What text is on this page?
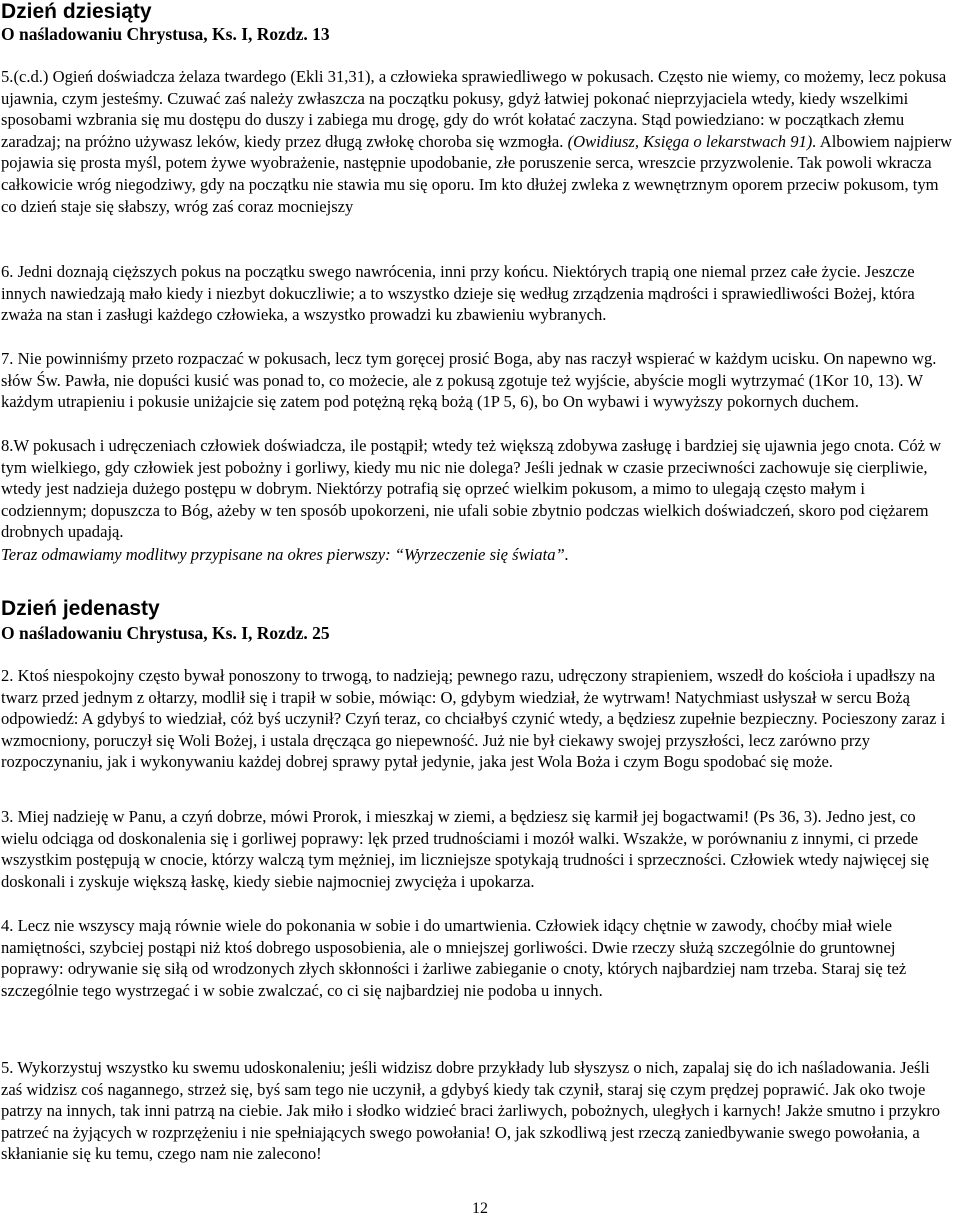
Dzień dziesiąty
O naśladowaniu Chrystusa, Ks. I, Rozdz. 13

5.(c.d.) Ogień doświadcza żelaza twardego (Ekli 31,31), a człowieka sprawiedliwego w pokusach. Często nie wiemy, co możemy, lecz pokusa ujawnia, czym jesteśmy. Czuwać zaś należy zwłaszcza na początku pokusy, gdyż łatwiej pokonać nieprzyjaciela wtedy, kiedy wszelkimi sposobami wzbrania się mu dostępu do duszy i zabiega mu drogę, gdy do wrót kołatać zaczyna. Stąd powiedziano: w początkach złemu zaradzaj; na próżno używasz leków, kiedy przez długą zwłokę choroba się wzmogła. (Owidiusz, Księga o lekarstwach 91). Albowiem najpierw pojawia się prosta myśl, potem żywe wyobrażenie, następnie upodobanie, złe poruszenie serca, wreszcie przyzwolenie. Tak powoli wkracza całkowicie wróg niegodziwy, gdy na początku nie stawia mu się oporu. Im kto dłużej zwleka z wewnętrznym oporem przeciw pokusom, tym co dzień staje się słabszy, wróg zaś coraz mocniejszy

6. Jedni doznają cięższych pokus na początku swego nawrócenia, inni przy końcu. Niektórych trapią one niemal przez całe życie. Jeszcze innych nawiedzają mało kiedy i niezbyt dokuczliwie; a to wszystko dzieje się według zrządzenia mądrości i sprawiedliwości Bożej, która zważa na stan i zasługi każdego człowieka, a wszystko prowadzi ku zbawieniu wybranych.

7. Nie powinniśmy przeto rozpaczać w pokusach, lecz tym goręcej prosić Boga, aby nas raczył wspierać w każdym ucisku. On napewno wg. słów Św. Pawła, nie dopuści kusić was ponad to, co możecie, ale z pokusą zgotuje też wyjście, abyście mogli wytrzymać (1Kor 10, 13). W każdym utrapieniu i pokusie uniżajcie się zatem pod potężną ręką bożą (1P 5, 6), bo On wybawi i wywyższy pokornych duchem.

8.W pokusach i udręczeniach człowiek doświadcza, ile postąpił; wtedy też większą zdobywa zasługę i bardziej się ujawnia jego cnota. Cóż w tym wielkiego, gdy człowiek jest pobożny i gorliwy, kiedy mu nic nie dolega? Jeśli jednak w czasie przeciwności zachowuje się cierpliwie, wtedy jest nadzieja dużego postępu w dobrym. Niektórzy potrafią się oprzeć wielkim pokusom, a mimo to ulegają często małym i codziennym; dopuszcza to Bóg, ażeby w ten sposób upokorzeni, nie ufali sobie zbytnio podczas wielkich doświadczeń, skoro pod ciężarem drobnych upadają.

Teraz odmawiamy modlitwy przypisane na okres pierwszy: “Wyrzeczenie się świata”.

Dzień jedenasty
O naśladowaniu Chrystusa, Ks. I, Rozdz. 25

2. Ktoś niespokojny często bywał ponoszony to trwogą, to nadzieją; pewnego razu, udręczony strapieniem, wszedł do kościoła i upadłszy na twarz przed jednym z ołtarzy, modlił się i trapił w sobie, mówiąc: O, gdybym wiedział, że wytrwam! Natychmiast usłyszał w sercu Bożą odpowiedź: A gdybyś to wiedział, cóż byś uczynił? Czyń teraz, co chciałbyś czynić wtedy, a będziesz zupełnie bezpieczny. Pocieszony zaraz i wzmocniony, poruczył się Woli Bożej, i ustala dręcząca go niepewność. Już nie był ciekawy swojej przyszłości, lecz zarówno przy rozpoczynaniu, jak i wykonywaniu każdej dobrej sprawy pytał jedynie, jaka jest Wola Boża i czym Bogu spodobać się może.

3. Miej nadzieję w Panu, a czyń dobrze, mówi Prorok, i mieszkaj w ziemi, a będziesz się karmił jej bogactwami! (Ps 36, 3). Jedno jest, co wielu odciąga od doskonalenia się i gorliwej poprawy: lęk przed trudnościami i mozół walki. Wszakże, w porównaniu z innymi, ci przede wszystkim postępują w cnocie, którzy walczą tym mężniej, im liczniejsze spotykają trudności i sprzeczności. Człowiek wtedy najwięcej się doskonali i zyskuje większą łaskę, kiedy siebie najmocniej zwycięża i upokarza.

4. Lecz nie wszyscy mają równie wiele do pokonania w sobie i do umartwienia. Człowiek idący chętnie w zawody, choćby miał wiele namiętności, szybciej postąpi niż ktoś dobrego usposobienia, ale o mniejszej gorliwości. Dwie rzeczy służą szczególnie do gruntownej poprawy: odrywanie się siłą od wrodzonych złych skłonności i żarliwe zabieganie o cnoty, których najbardziej nam trzeba. Staraj się też szczególnie tego wystrzegać i w sobie zwalczać, co ci się najbardziej nie podoba u innych.

5. Wykorzystuj wszystko ku swemu udoskonaleniu; jeśli widzisz dobre przykłady lub słyszysz o nich, zapalaj się do ich naśladowania. Jeśli zaś widzisz coś nagannego, strzeż się, byś sam tego nie uczynił, a gdybyś kiedy tak czynił, staraj się czym prędzej poprawić. Jak oko twoje patrzy na innych, tak inni patrzą na ciebie. Jak miło i słodko widzieć braci żarliwych, pobożnych, uległych i karnych! Jakże smutno i przykro patrzeć na żyjących w rozprzężeniu i nie spełniających swego powołania! O, jak szkodliwą jest rzeczą zaniedbywanie swego powołania, a skłanianie się ku temu, czego nam nie zalecono!

12
